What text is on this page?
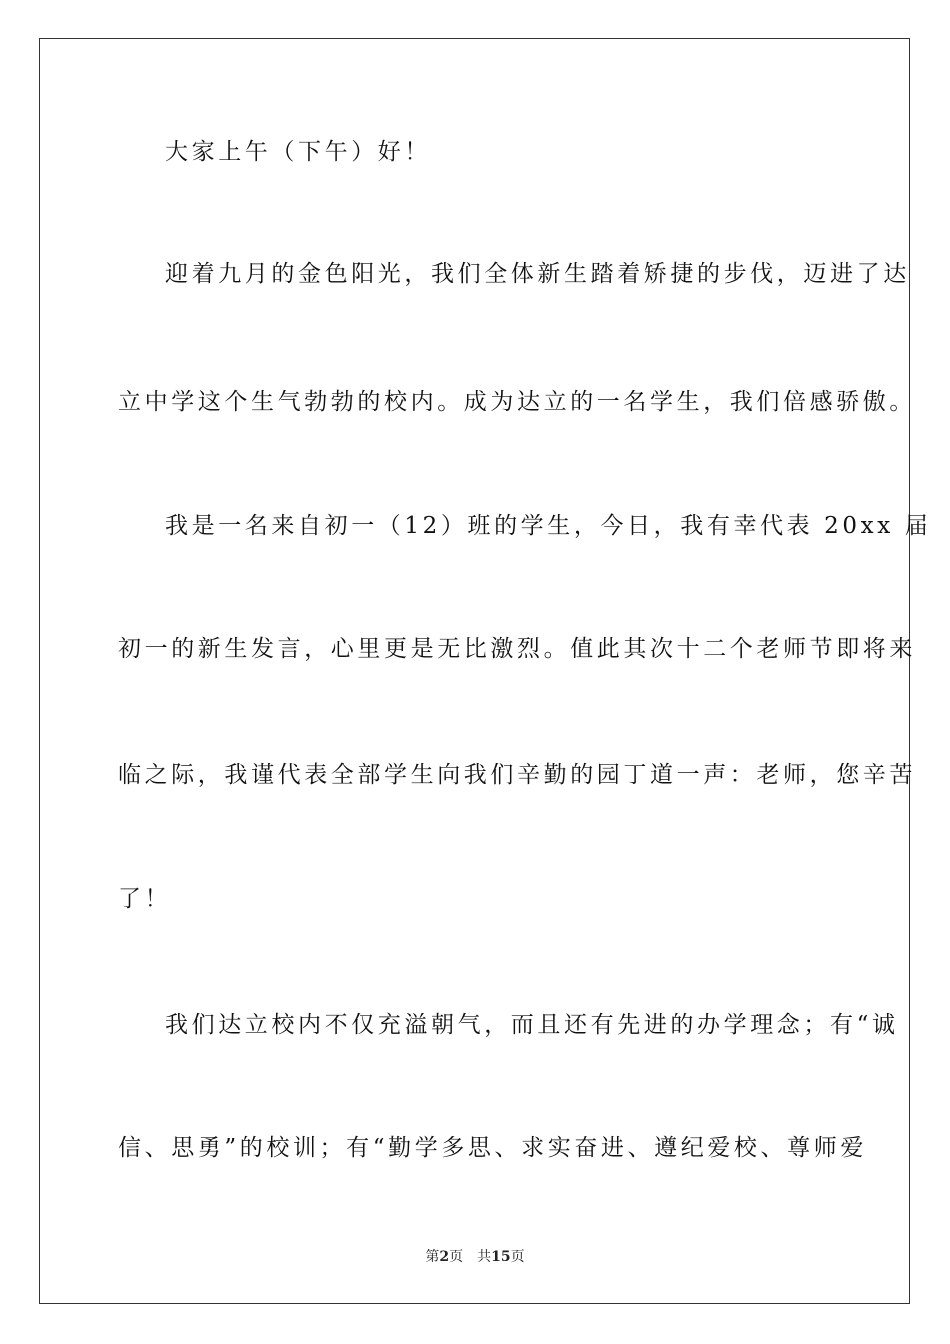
大家上午（下午）好！
迎着九月的金色阳光，我们全体新生踏着矫捷的步伐，迈进了达
立中学这个生气勃勃的校内。成为达立的一名学生，我们倍感骄傲。
我是一名来自初一（12）班的学生，今日，我有幸代表 20xx 届
初一的新生发言，心里更是无比激烈。值此其次十二个老师节即将来
临之际，我谨代表全部学生向我们辛勤的园丁道一声：老师，您辛苦
了！
我们达立校内不仅充溢朝气，而且还有先进的办学理念；有“诚
信、思勇”的校训；有“勤学多思、求实奋进、遵纪爱校、尊师爱
第2页 共15页
